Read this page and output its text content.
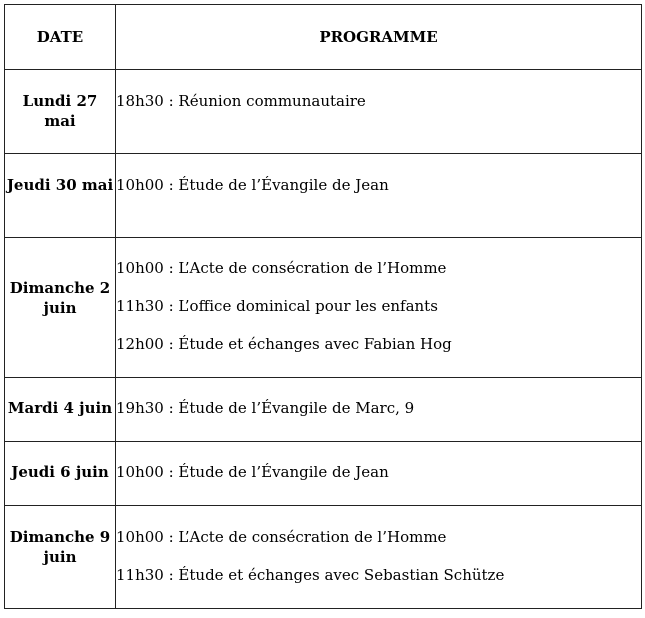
DATE	PROGRAMME
Lundi 27 mai	18h30 : Réunion communautaire

Jeudi 30 mai	10h00 : Étude de l’Évangile de Jean

Dimanche 2 juin	10h00 : L’Acte de consécration de l’Homme
11h30 : L’office dominical pour les enfants
12h00 : Étude et échanges avec Fabian Hog

Mardi 4 juin	19h30 : Étude de l’Évangile de Marc, 9

Jeudi 6 juin	10h00 : Étude de l’Évangile de Jean

Dimanche 9 juin	10h00 : L’Acte de consécration de l’Homme
11h30 : Étude et échanges avec Sebastian Schütze
